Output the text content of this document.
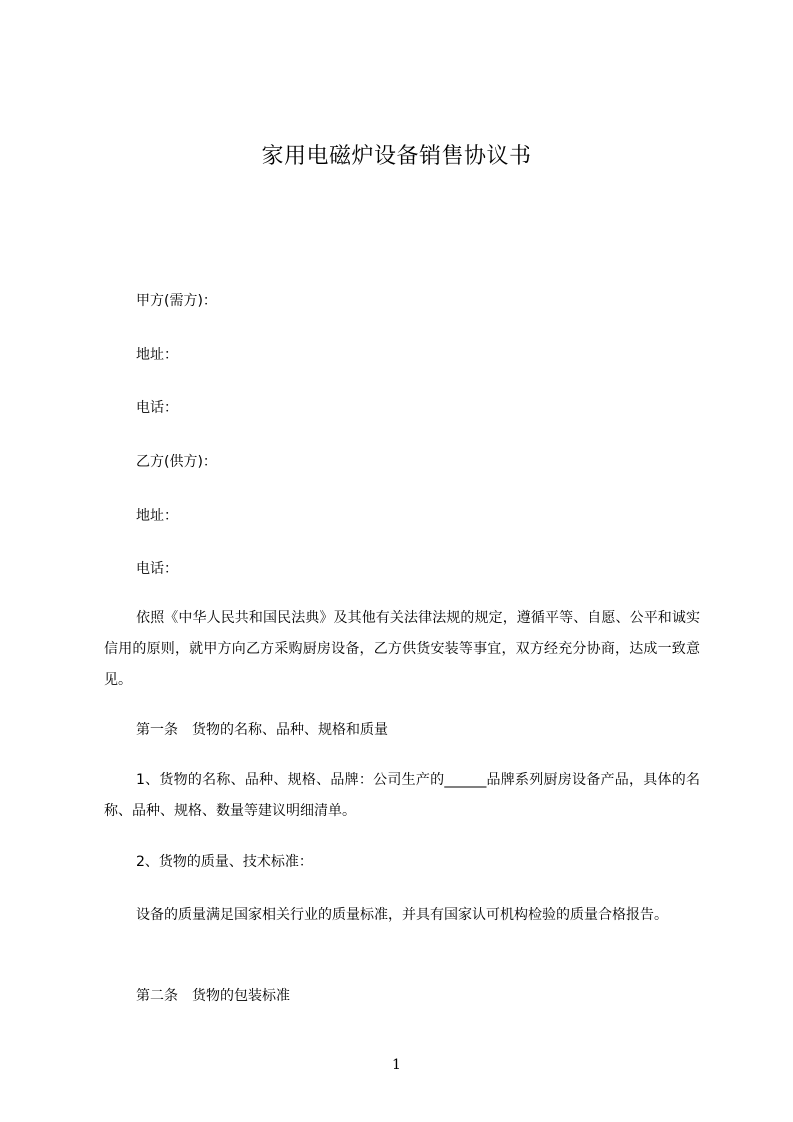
家用电磁炉设备销售协议书
甲方(需方)：
地址：
电话：
乙方(供方)：
地址：
电话：
依照《中华人民共和国民法典》及其他有关法律法规的规定，遵循平等、自愿、公平和诚实信用的原则，就甲方向乙方采购厨房设备，乙方供货安装等事宜，双方经充分协商，达成一致意见。
第一条　货物的名称、品种、规格和质量
1、货物的名称、品种、规格、品牌：公司生产的______品牌系列厨房设备产品，具体的名称、品种、规格、数量等建议明细清单。
2、货物的质量、技术标准：
设备的质量满足国家相关行业的质量标准，并具有国家认可机构检验的质量合格报告。
第二条　货物的包装标准
1
